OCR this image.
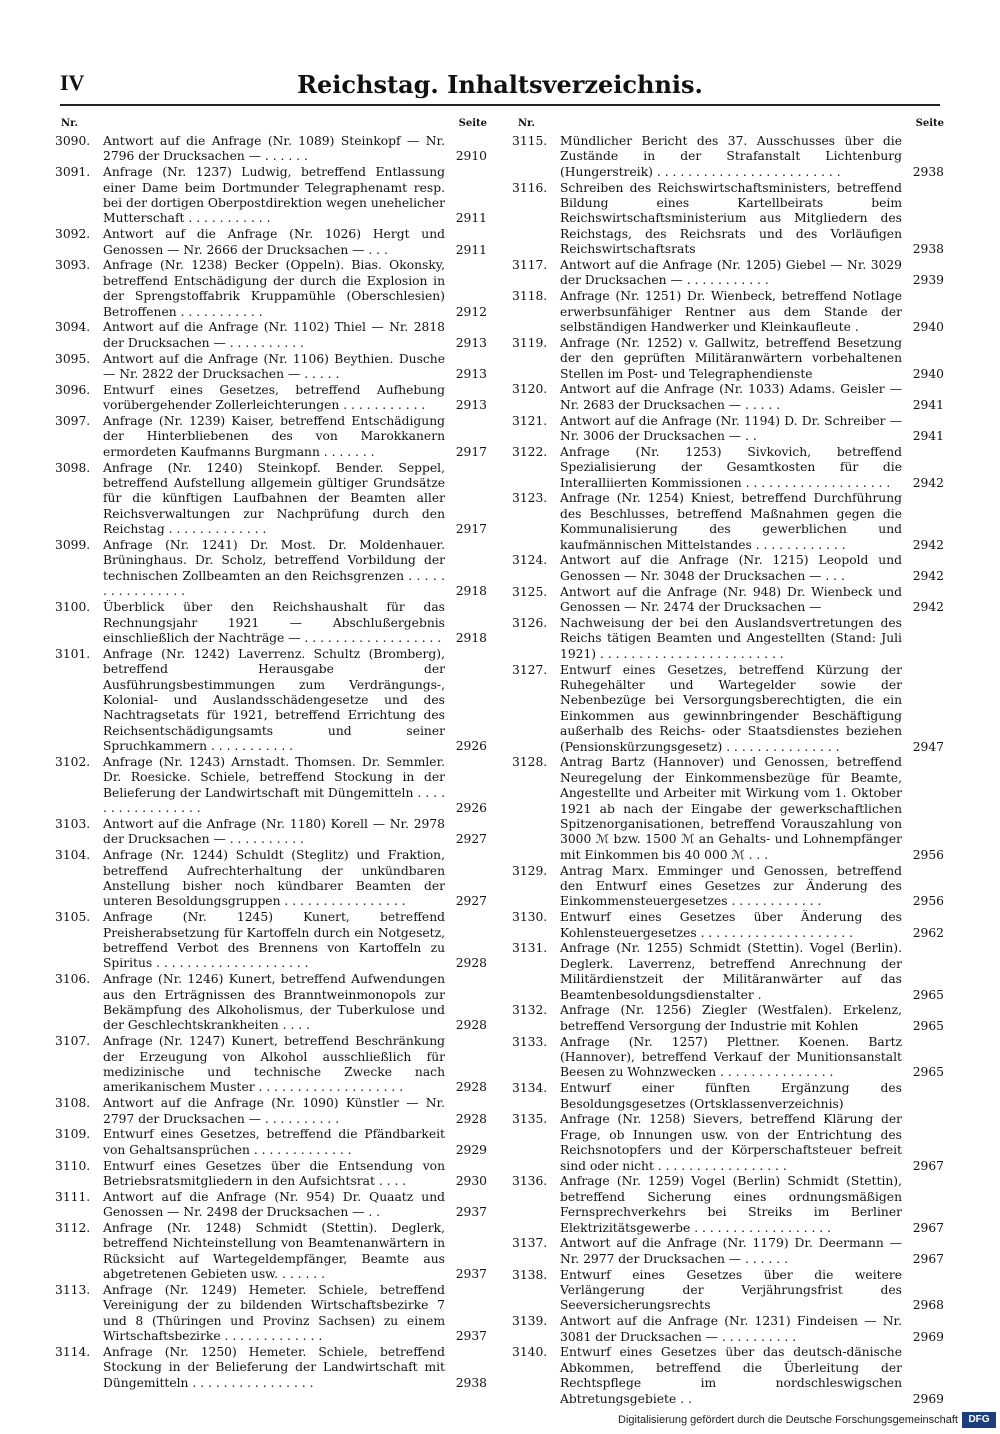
IV	Reichstag. Inhaltsverzeichnis.
Nr.	Seite
3090. Antwort auf die Anfrage (Nr. 1089) Steinkopf — Nr. 2796 der Drucksachen — . . . . . .	2910
3091. Anfrage (Nr. 1237) Ludwig, betreffend Entlassung einer Dame beim Dortmunder Telegraphenamt resp. bei der dortigen Oberpostdirektion wegen unehelicher Mutterschaft . . . . . . . . . . .	2911
3092. Antwort auf die Anfrage (Nr. 1026) Hergt und Genossen — Nr. 2666 der Drucksachen — . . .	2911
3093. Anfrage (Nr. 1238) Becker (Oppeln). Bias. Okonsky, betreffend Entschädigung der durch die Explosion in der Sprengstoffabrik Kruppamühle (Oberschlesien) Betroffenen . . . . . . . . . . .	2912
3094. Antwort auf die Anfrage (Nr. 1102) Thiel — Nr. 2818 der Drucksachen — . . . . . . . . . .	2913
3095. Antwort auf die Anfrage (Nr. 1106) Beythien. Dusche — Nr. 2822 der Drucksachen — . . . . .	2913
3096. Entwurf eines Gesetzes, betreffend Aufhebung vorübergehender Zollerleichterungen . . . . . . . . . . . 2913
3097. Anfrage (Nr. 1239) Kaiser, betreffend Entschädigung der Hinterbliebenen des von Marokkanern ermordeten Kaufmanns Burgmann . . . . . . .	2917
3098. Anfrage (Nr. 1240) Steinkopf. Bender. Seppel, betreffend Aufstellung allgemein gültiger Grundsätze für die künftigen Laufbahnen der Beamten aller Reichsverwaltungen zur Nachprüfung durch den Reichstag . . . . . . . . . . . . .	2917
3099. Anfrage (Nr. 1241) Dr. Most. Dr. Moldenhauer. Brüninghaus. Dr. Scholz, betreffend Vorbildung der technischen Zollbeamten an den Reichsgrenzen . . . . . . . . . . . . . . . .	2918
3100. Überblick über den Reichshaushalt für das Rechnungsjahr 1921 — Abschlußergebnis einschließlich der Nachträge — . . . . . . . . . . . . . . . . . . 2918
3101. Anfrage (Nr. 1242) Laverrenz. Schultz (Bromberg), betreffend Herausgabe der Ausführungsbestimmungen zum Verdrängungs-, Kolonial- und Auslandsschädengesetze und des Nachtragsetats für 1921, betreffend Errichtung des Reichsentschädigungsamts und seiner Spruchkammern . . . . . . . . . . .	2926
3102. Anfrage (Nr. 1243) Arnstadt. Thomsen. Dr. Semmler. Dr. Roesicke. Schiele, betreffend Stockung in der Belieferung der Landwirtschaft mit Düngemitteln . . . . . . . . . . . . . . . . .	2926
3103. Antwort auf die Anfrage (Nr. 1180) Korell — Nr. 2978 der Drucksachen — . . . . . . . . . .	2927
3104. Anfrage (Nr. 1244) Schuldt (Steglitz) und Fraktion, betreffend Aufrechterhaltung der unkündbaren Anstellung bisher noch kündbarer Beamten der unteren Besoldungsgruppen . . . . . . . . . . . . . . . .	2927
3105. Anfrage (Nr. 1245) Kunert, betreffend Preisherabsetzung für Kartoffeln durch ein Notgesetz, betreffend Verbot des Brennens von Kartoffeln zu Spiritus . . . . . . . . . . . . . . . . . . . .	2928
3106. Anfrage (Nr. 1246) Kunert, betreffend Aufwendungen aus den Erträgnissen des Branntweinmonopols zur Bekämpfung des Alkoholismus, der Tuberkulose und der Geschlechtskrankheiten . . . .	2928
3107. Anfrage (Nr. 1247) Kunert, betreffend Beschränkung der Erzeugung von Alkohol ausschließlich für medizinische und technische Zwecke nach amerikanischem Muster . . . . . . . . . . . . . . . . . . .	2928
3108. Antwort auf die Anfrage (Nr. 1090) Künstler — Nr. 2797 der Drucksachen — . . . . . . . . . .	2928
3109. Entwurf eines Gesetzes, betreffend die Pfändbarkeit von Gehaltsansprüchen . . . . . . . . . . . . .	2929
3110. Entwurf eines Gesetzes über die Entsendung von Betriebsratsmitgliedern in den Aufsichtsrat . . . .	2930
3111. Antwort auf die Anfrage (Nr. 954) Dr. Quaatz und Genossen — Nr. 2498 der Drucksachen — . .	2937
3112. Anfrage (Nr. 1248) Schmidt (Stettin). Deglerk, betreffend Nichteinstellung von Beamtenanwärtern in Rücksicht auf Wartegeldempfänger, Beamte aus abgetretenen Gebieten usw. . . . . . .	2937
3113. Anfrage (Nr. 1249) Hemeter. Schiele, betreffend Vereinigung der zu bildenden Wirtschaftsbezirke 7 und 8 (Thüringen und Provinz Sachsen) zu einem Wirtschaftsbezirke . . . . . . . . . . . . .	2937
3114. Anfrage (Nr. 1250) Hemeter. Schiele, betreffend Stockung in der Belieferung der Landwirtschaft mit Düngemitteln . . . . . . . . . . . . . . . .	2938
Nr.	Seite
3115. Mündlicher Bericht des 37. Ausschusses über die Zustände in der Strafanstalt Lichtenburg (Hungerstreik) . . . . . . . . . . . . . . . . . . . . . . . .	2938
3116. Schreiben des Reichswirtschaftsministers, betreffend Bildung eines Kartellbeirats beim Reichswirtschaftsministerium aus Mitgliedern des Reichstags, des Reichsrats und des Vorläufigen Reichswirtschaftsrats	2938
3117. Antwort auf die Anfrage (Nr. 1205) Giebel — Nr. 3029 der Drucksachen — . . . . . . . . . . .	2939
3118. Anfrage (Nr. 1251) Dr. Wienbeck, betreffend Notlage erwerbsunfähiger Rentner aus dem Stande der selbständigen Handwerker und Kleinkaufleute .	2940
3119. Anfrage (Nr. 1252) v. Gallwitz, betreffend Besetzung der den geprüften Militäranwärtern vorbehaltenen Stellen im Post- und Telegraphendienste	2940
3120. Antwort auf die Anfrage (Nr. 1033) Adams. Geisler — Nr. 2683 der Drucksachen — . . . . .	2941
3121. Antwort auf die Anfrage (Nr. 1194) D. Dr. Schreiber — Nr. 3006 der Drucksachen — . .	2941
3122. Anfrage (Nr. 1253) Sivkovich, betreffend Spezialisierung der Gesamtkosten für die Interalliierten Kommissionen . . . . . . . . . . . . . . . . . . . 2942
3123. Anfrage (Nr. 1254) Kniest, betreffend Durchführung des Beschlusses, betreffend Maßnahmen gegen die Kommunalisierung des gewerblichen und kaufmännischen Mittelstandes . . . . . . . . . . . .	2942
3124. Antwort auf die Anfrage (Nr. 1215) Leopold und Genossen — Nr. 3048 der Drucksachen — . . .	2942
3125. Antwort auf die Anfrage (Nr. 948) Dr. Wienbeck und Genossen — Nr. 2474 der Drucksachen —	2942
3126. Nachweisung der bei den Auslandsvertretungen des Reichs tätigen Beamten und Angestellten (Stand: Juli 1921) . . . . . . . . . . . . . . . . . . . . . . . .
3127. Entwurf eines Gesetzes, betreffend Kürzung der Ruhegehälter und Wartegelder sowie der Nebenbezüge bei Versorgungsberechtigten, die ein Einkommen aus gewinnbringender Beschäftigung außerhalb des Reichs- oder Staatsdienstes beziehen (Pensionskürzungsgesetz) . . . . . . . . . . . . . . .	2947
3128. Antrag Bartz (Hannover) und Genossen, betreffend Neuregelung der Einkommensbezüge für Beamte, Angestellte und Arbeiter mit Wirkung vom 1. Oktober 1921 ab nach der Eingabe der gewerkschaftlichen Spitzenorganisationen, betreffend Vorauszahlung von 3000 ℳ bzw. 1500 ℳ an Gehalts- und Lohnempfänger mit Einkommen bis 40 000 ℳ . . .	2956
3129. Antrag Marx. Emminger und Genossen, betreffend den Entwurf eines Gesetzes zur Änderung des Einkommensteuergesetzes . . . . . . . . . . . .	2956
3130. Entwurf eines Gesetzes über Änderung des Kohlensteuergesetzes . . . . . . . . . . . . . . . . . . . .	2962
3131. Anfrage (Nr. 1255) Schmidt (Stettin). Vogel (Berlin). Deglerk. Laverrenz, betreffend Anrechnung der Militärdienstzeit der Militäranwärter auf das Beamtenbesoldungsdienstalter .	2965
3132. Anfrage (Nr. 1256) Ziegler (Westfalen). Erkelenz, betreffend Versorgung der Industrie mit Kohlen	2965
3133. Anfrage (Nr. 1257) Plettner. Koenen. Bartz (Hannover), betreffend Verkauf der Munitionsanstalt Beesen zu Wohnzwecken . . . . . . . . . . . . . . .	2965
3134. Entwurf einer fünften Ergänzung des Besoldungsgesetzes (Ortsklassenverzeichnis)
3135. Anfrage (Nr. 1258) Sievers, betreffend Klärung der Frage, ob Innungen usw. von der Entrichtung des Reichsnotopfers und der Körperschaftsteuer befreit sind oder nicht . . . . . . . . . . . . . . . . .	2967
3136. Anfrage (Nr. 1259) Vogel (Berlin) Schmidt (Stettin), betreffend Sicherung eines ordnungsmäßigen Fernsprechverkehrs bei Streiks im Berliner Elektrizitätsgewerbe . . . . . . . . . . . . . . . . . .	2967
3137. Antwort auf die Anfrage (Nr. 1179) Dr. Deermann — Nr. 2977 der Drucksachen — . . . . . .	2967
3138. Entwurf eines Gesetzes über die weitere Verlängerung der Verjährungsfrist des Seeversicherungsrechts	2968
3139. Antwort auf die Anfrage (Nr. 1231) Findeisen — Nr. 3081 der Drucksachen — . . . . . . . . . .	2969
3140. Entwurf eines Gesetzes über das deutsch-dänische Abkommen, betreffend die Überleitung der Rechtspflege im nordschleswigschen Abtretungsgebiete . .	2969
Digitalisierung gefördert durch die Deutsche Forschungsgemeinschaft	DFG
